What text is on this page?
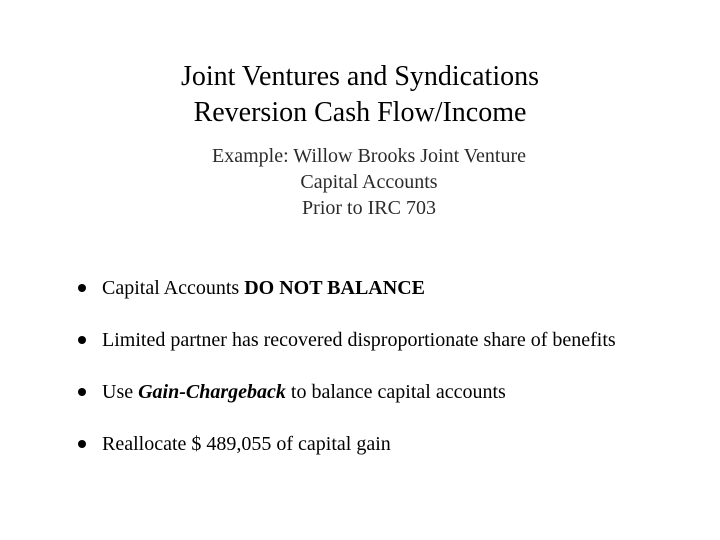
Joint Ventures and Syndications
Reversion Cash Flow/Income
Example: Willow Brooks Joint Venture
Capital Accounts
Prior to IRC 703
Capital Accounts DO NOT BALANCE
Limited partner has recovered disproportionate share of benefits
Use Gain-Chargeback to balance capital accounts
Reallocate $ 489,055 of capital gain
